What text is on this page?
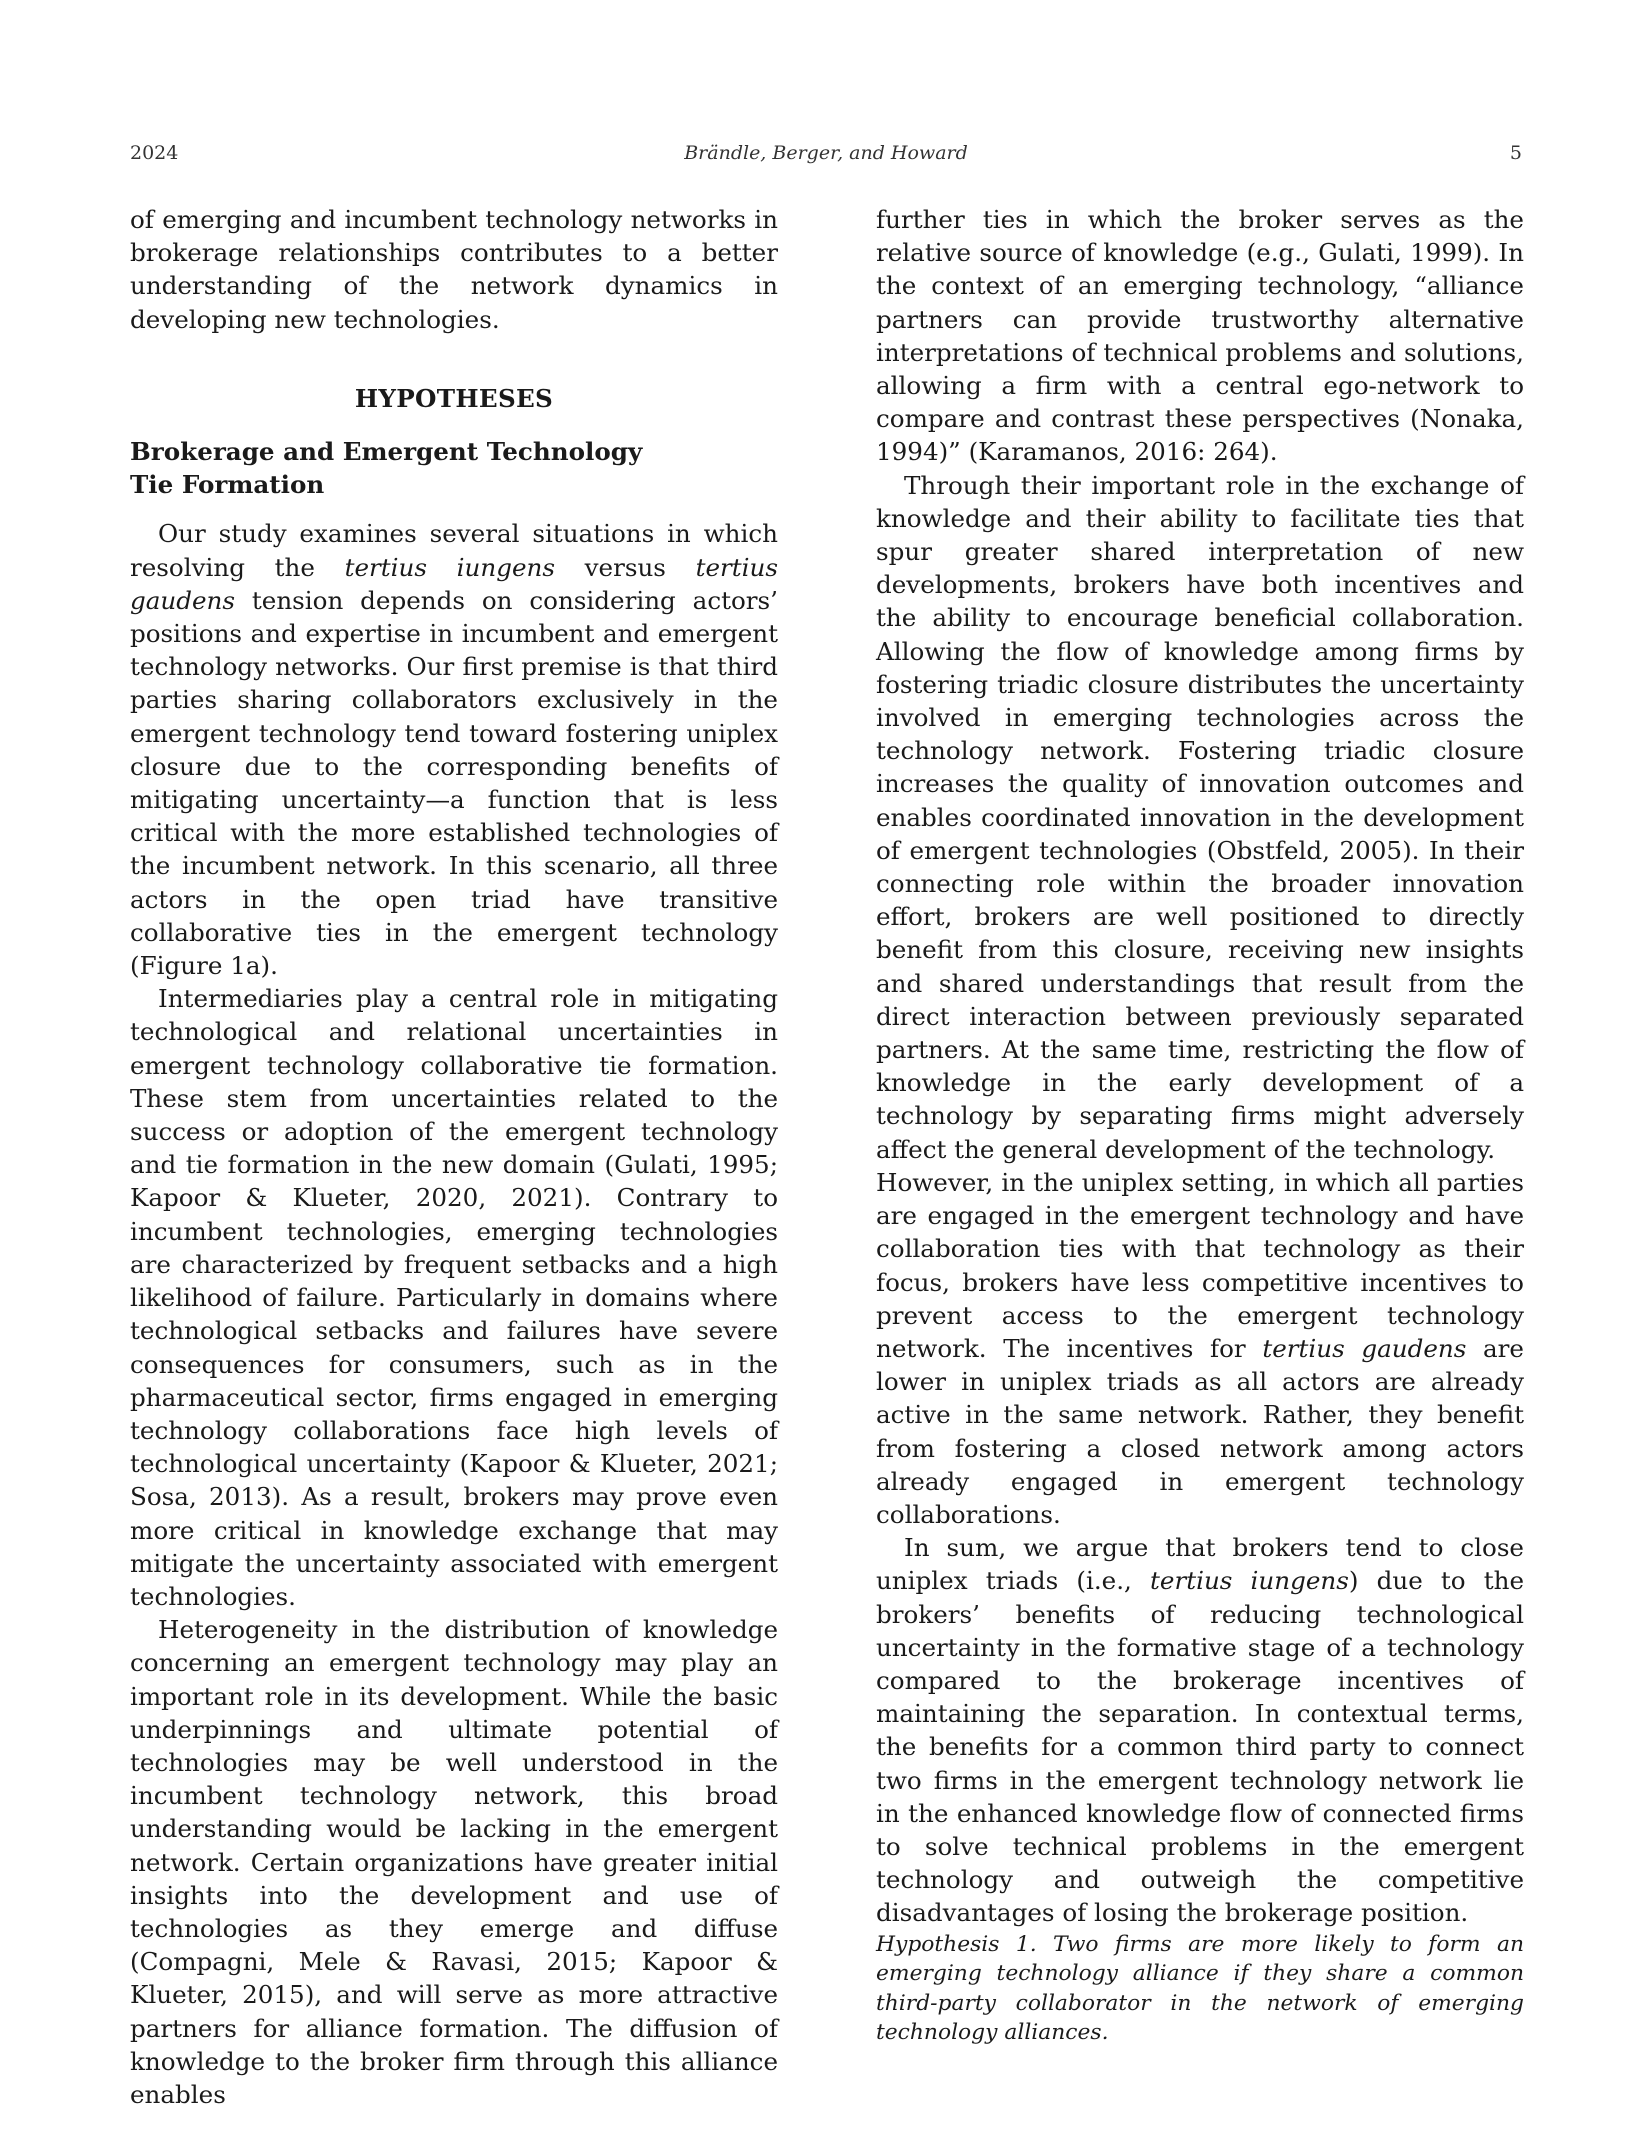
2024	Brändle, Berger, and Howard	5

of emerging and incumbent technology networks in brokerage relationships contributes to a better understanding of the network dynamics in developing new technologies.

HYPOTHESES
Brokerage and Emergent Technology
Tie Formation

Our study examines several situations in which resolving the tertius iungens versus tertius gaudens tension depends on considering actors’ positions and expertise in incumbent and emergent technology networks. Our first premise is that third parties sharing collaborators exclusively in the emergent technology tend toward fostering uniplex closure due to the corresponding benefits of mitigating uncertainty—a function that is less critical with the more established technologies of the incumbent network. In this scenario, all three actors in the open triad have transitive collaborative ties in the emergent technology (Figure 1a).

Intermediaries play a central role in mitigating technological and relational uncertainties in emergent technology collaborative tie formation. These stem from uncertainties related to the success or adoption of the emergent technology and tie formation in the new domain (Gulati, 1995; Kapoor & Klueter, 2020, 2021). Contrary to incumbent technologies, emerging technologies are characterized by frequent setbacks and a high likelihood of failure. Particularly in domains where technological setbacks and failures have severe consequences for consumers, such as in the pharmaceutical sector, firms engaged in emerging technology collaborations face high levels of technological uncertainty (Kapoor & Klueter, 2021; Sosa, 2013). As a result, brokers may prove even more critical in knowledge exchange that may mitigate the uncertainty associated with emergent technologies.

Heterogeneity in the distribution of knowledge concerning an emergent technology may play an important role in its development. While the basic underpinnings and ultimate potential of technologies may be well understood in the incumbent technology network, this broad understanding would be lacking in the emergent network. Certain organizations have greater initial insights into the development and use of technologies as they emerge and diffuse (Compagni, Mele & Ravasi, 2015; Kapoor & Klueter, 2015), and will serve as more attractive partners for alliance formation. The diffusion of knowledge to the broker firm through this alliance enables

further ties in which the broker serves as the relative source of knowledge (e.g., Gulati, 1999). In the context of an emerging technology, “alliance partners can provide trustworthy alternative interpretations of technical problems and solutions, allowing a firm with a central ego-network to compare and contrast these perspectives (Nonaka, 1994)” (Karamanos, 2016: 264).

Through their important role in the exchange of knowledge and their ability to facilitate ties that spur greater shared interpretation of new developments, brokers have both incentives and the ability to encourage beneficial collaboration. Allowing the flow of knowledge among firms by fostering triadic closure distributes the uncertainty involved in emerging technologies across the technology network. Fostering triadic closure increases the quality of innovation outcomes and enables coordinated innovation in the development of emergent technologies (Obstfeld, 2005). In their connecting role within the broader innovation effort, brokers are well positioned to directly benefit from this closure, receiving new insights and shared understandings that result from the direct interaction between previously separated partners. At the same time, restricting the flow of knowledge in the early development of a technology by separating firms might adversely affect the general development of the technology.

However, in the uniplex setting, in which all parties are engaged in the emergent technology and have collaboration ties with that technology as their focus, brokers have less competitive incentives to prevent access to the emergent technology network. The incentives for tertius gaudens are lower in uniplex triads as all actors are already active in the same network. Rather, they benefit from fostering a closed network among actors already engaged in emergent technology collaborations.

In sum, we argue that brokers tend to close uniplex triads (i.e., tertius iungens) due to the brokers’ benefits of reducing technological uncertainty in the formative stage of a technology compared to the brokerage incentives of maintaining the separation. In contextual terms, the benefits for a common third party to connect two firms in the emergent technology network lie in the enhanced knowledge flow of connected firms to solve technical problems in the emergent technology and outweigh the competitive disadvantages of losing the brokerage position.

Hypothesis 1. Two firms are more likely to form an emerging technology alliance if they share a common third-party collaborator in the network of emerging technology alliances.
